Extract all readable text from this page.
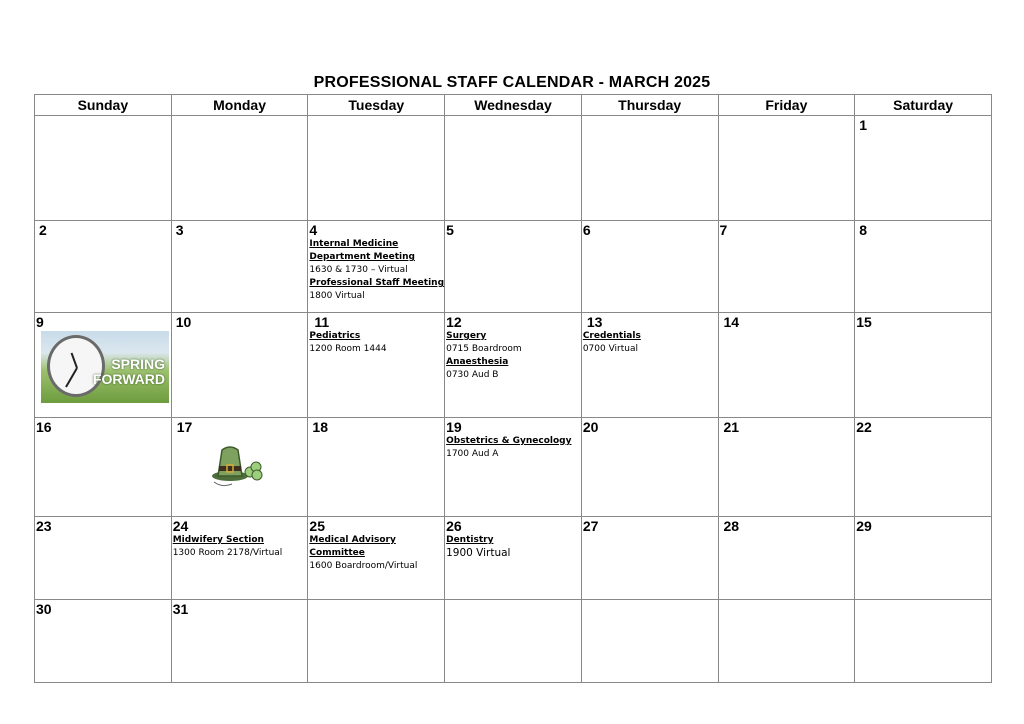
PROFESSIONAL STAFF CALENDAR - MARCH 2025
Sunday	Monday	Tuesday	Wednesday	Thursday	Friday	Saturday

						1

2	3	4
Internal Medicine Department Meeting
1630 & 1730 – Virtual
Professional Staff Meeting
1800 Virtual	5	6	7	8

9
SPRING
FORWARD	10	11
Pediatrics
1200 Room 1444	12
Surgery
0715 Boardroom
Anaesthesia
0730 Aud B	13
Credentials
0700 Virtual	14	15

16	17	18	19
Obstetrics & Gynecology
1700 Aud A	20	21	22

23	24
Midwifery Section
1300 Room 2178/Virtual	25
Medical Advisory Committee
1600 Boardroom/Virtual	26
Dentistry
1900 Virtual	27	28	29

30	31					
